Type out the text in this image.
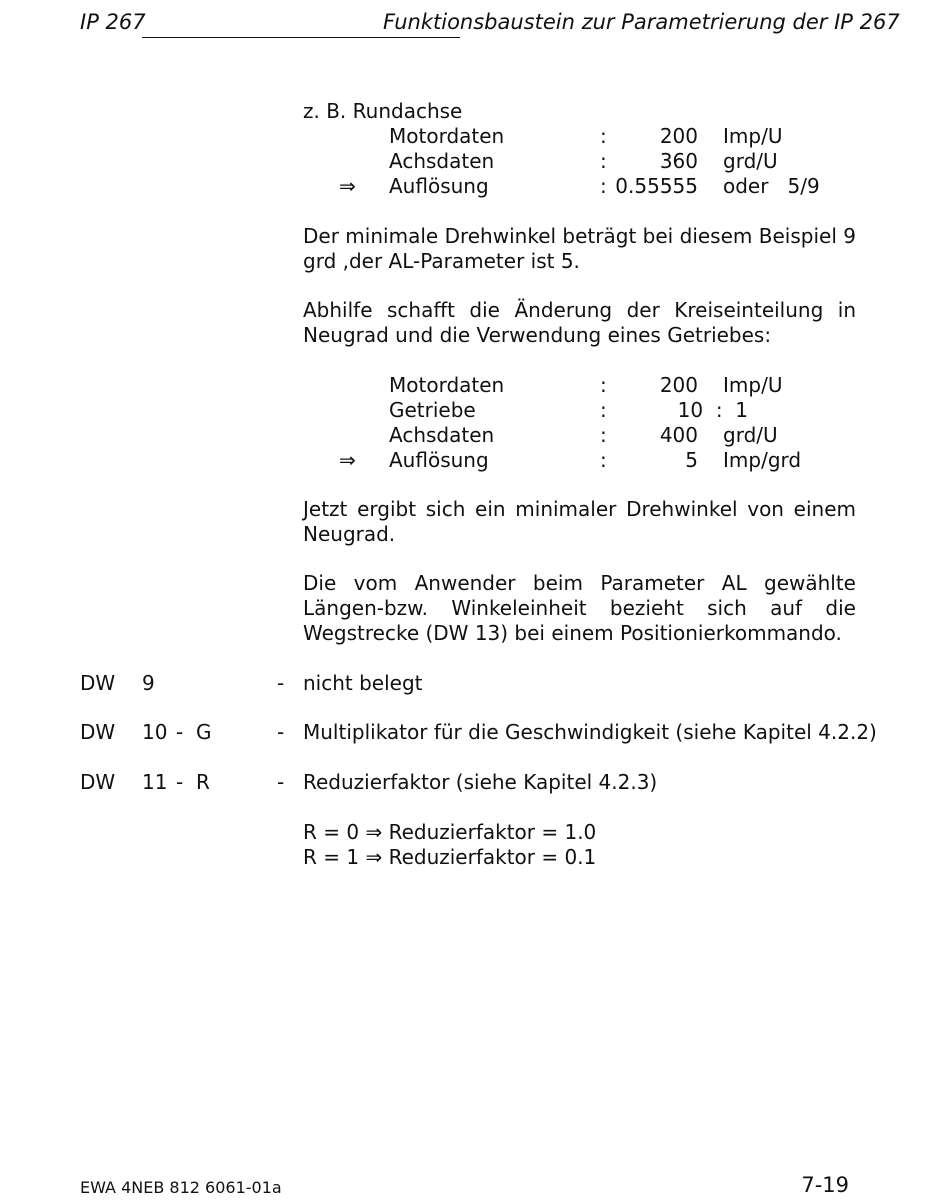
IP 267	Funktionsbaustein zur Parametrierung der IP 267
z. B. Rundachse
Motordaten	:	200 Imp/U
Achsdaten	:	360 grd/U
⇒ Auflösung	: 0.55555 oder   5/9
Der minimale Drehwinkel beträgt bei diesem Beispiel 9 grd ,der AL-Parameter ist 5.
Abhilfe schafft die Änderung der Kreiseinteilung in Neugrad und die Verwendung eines Getriebes:
Motordaten	:	200 Imp/U
Getriebe	:	10  :  1
Achsdaten	:	400 grd/U
⇒ Auflösung	:	5 Imp/grd
Jetzt ergibt sich ein minimaler Drehwinkel von einem Neugrad.
Die vom Anwender beim Parameter AL gewählte Längen-bzw. Winkeleinheit bezieht sich auf die Wegstrecke (DW 13) bei einem Positionierkommando.
DW 9	- nicht belegt
DW 10 - G	- Multiplikator für die Geschwindigkeit (siehe Kapitel 4.2.2)
DW 11 - R	- Reduzierfaktor (siehe Kapitel 4.2.3)
R = 0 ⇒ Reduzierfaktor = 1.0
R = 1 ⇒ Reduzierfaktor = 0.1
EWA 4NEB 812 6061-01a	7-19
